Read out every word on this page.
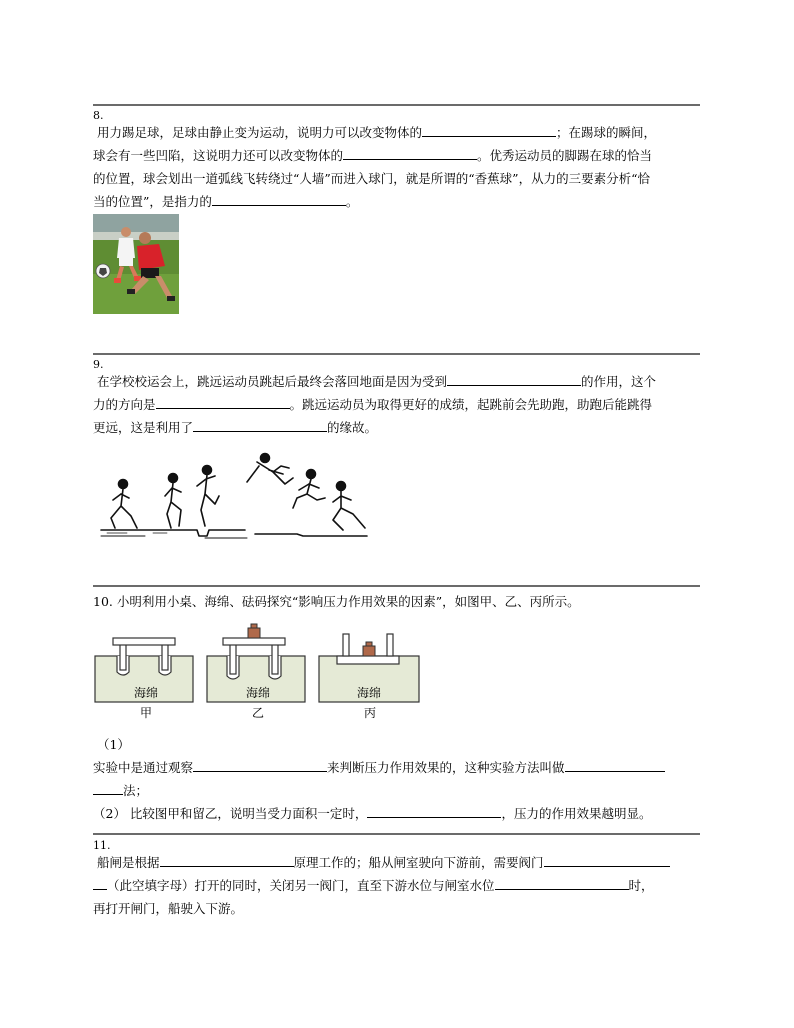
8.
用力踢足球，足球由静止变为运动，说明力可以改变物体的	；在踢球的瞬间，
球会有一些凹陷，这说明力还可以改变物体的	。优秀运动员的脚踢在球的恰当
的位置，球会划出一道弧线飞转绕过“人墙”而进入球门，就是所谓的“香蕉球”，从力的三要素分析“恰
当的位置”，是指力的	。
9.
在学校校运会上，跳远运动员跳起后最终会落回地面是因为受到	的作用，这个
力的方向是	。跳远运动员为取得更好的成绩，起跳前会先助跑，助跑后能跳得
更远，这是利用了	的缘故。
10. 小明利用小桌、海绵、砝码探究“影响压力作用效果的因素”，如图甲、乙、丙所示。
海绵	海绵	海绵
甲	乙	丙
（1）
实验中是通过观察	来判断压力作用效果的，这种实验方法叫做
法；
（2） 比较图甲和留乙，说明当受力面积一定时，	，压力的作用效果越明显。
11.
船闸是根据	原理工作的；船从闸室驶向下游前，需要阀门
（此空填字母）打开的同时，关闭另一阀门，直至下游水位与闸室水位	时，
再打开闸门，船驶入下游。
